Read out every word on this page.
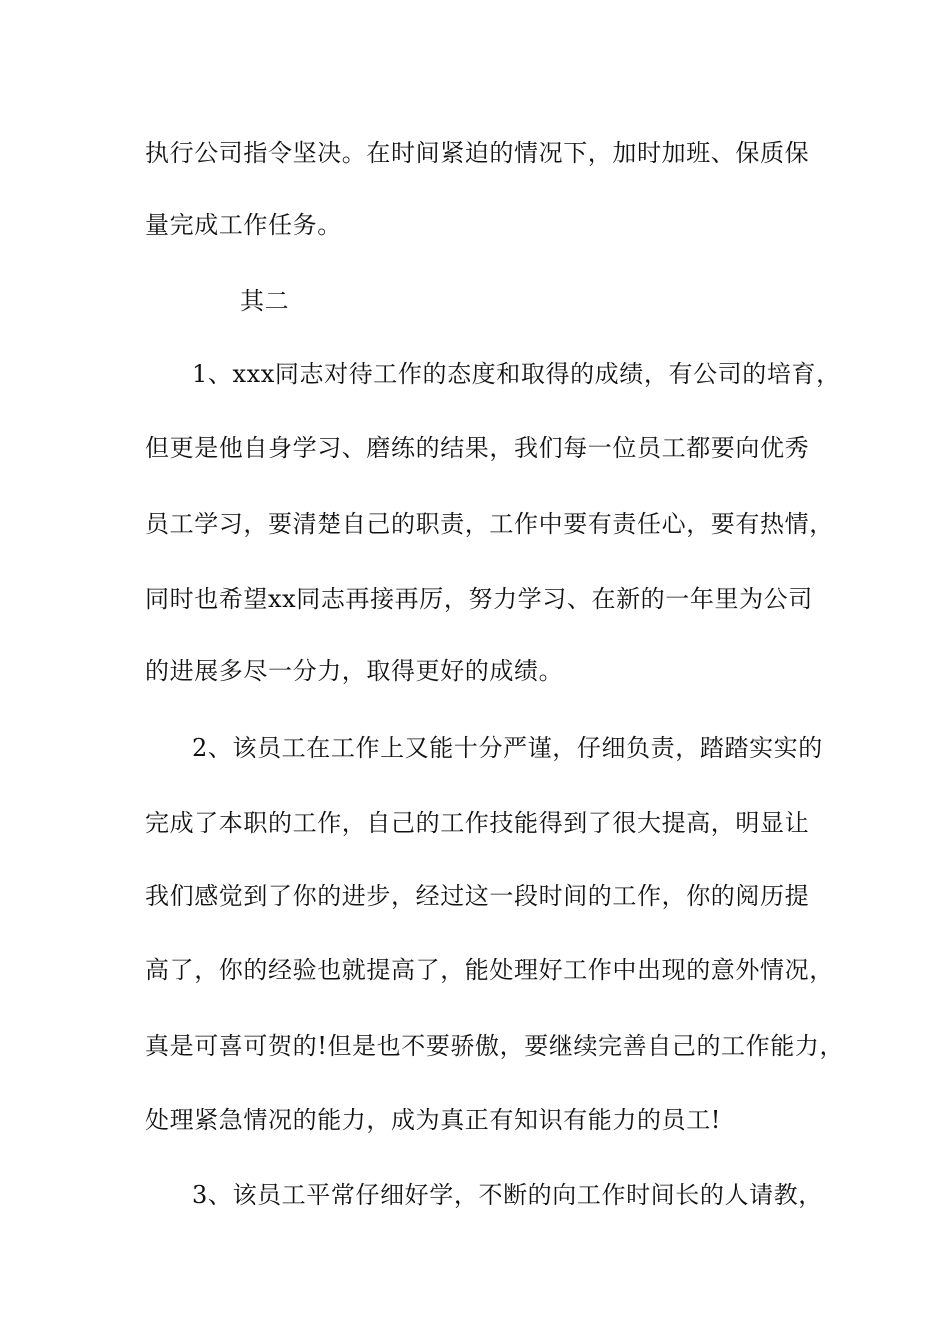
执行公司指令坚决。在时间紧迫的情况下，加时加班、保质保
量完成工作任务。
其二
1、xxx同志对待工作的态度和取得的成绩，有公司的培育，
但更是他自身学习、磨练的结果，我们每一位员工都要向优秀
员工学习，要清楚自己的职责，工作中要有责任心，要有热情，
同时也希望xx同志再接再厉，努力学习、在新的一年里为公司
的进展多尽一分力，取得更好的成绩。
2、该员工在工作上又能十分严谨，仔细负责，踏踏实实的
完成了本职的工作，自己的工作技能得到了很大提高，明显让
我们感觉到了你的进步，经过这一段时间的工作，你的阅历提
高了，你的经验也就提高了，能处理好工作中出现的意外情况，
真是可喜可贺的!但是也不要骄傲，要继续完善自己的工作能力，
处理紧急情况的能力，成为真正有知识有能力的员工!
3、该员工平常仔细好学，不断的向工作时间长的人请教，
